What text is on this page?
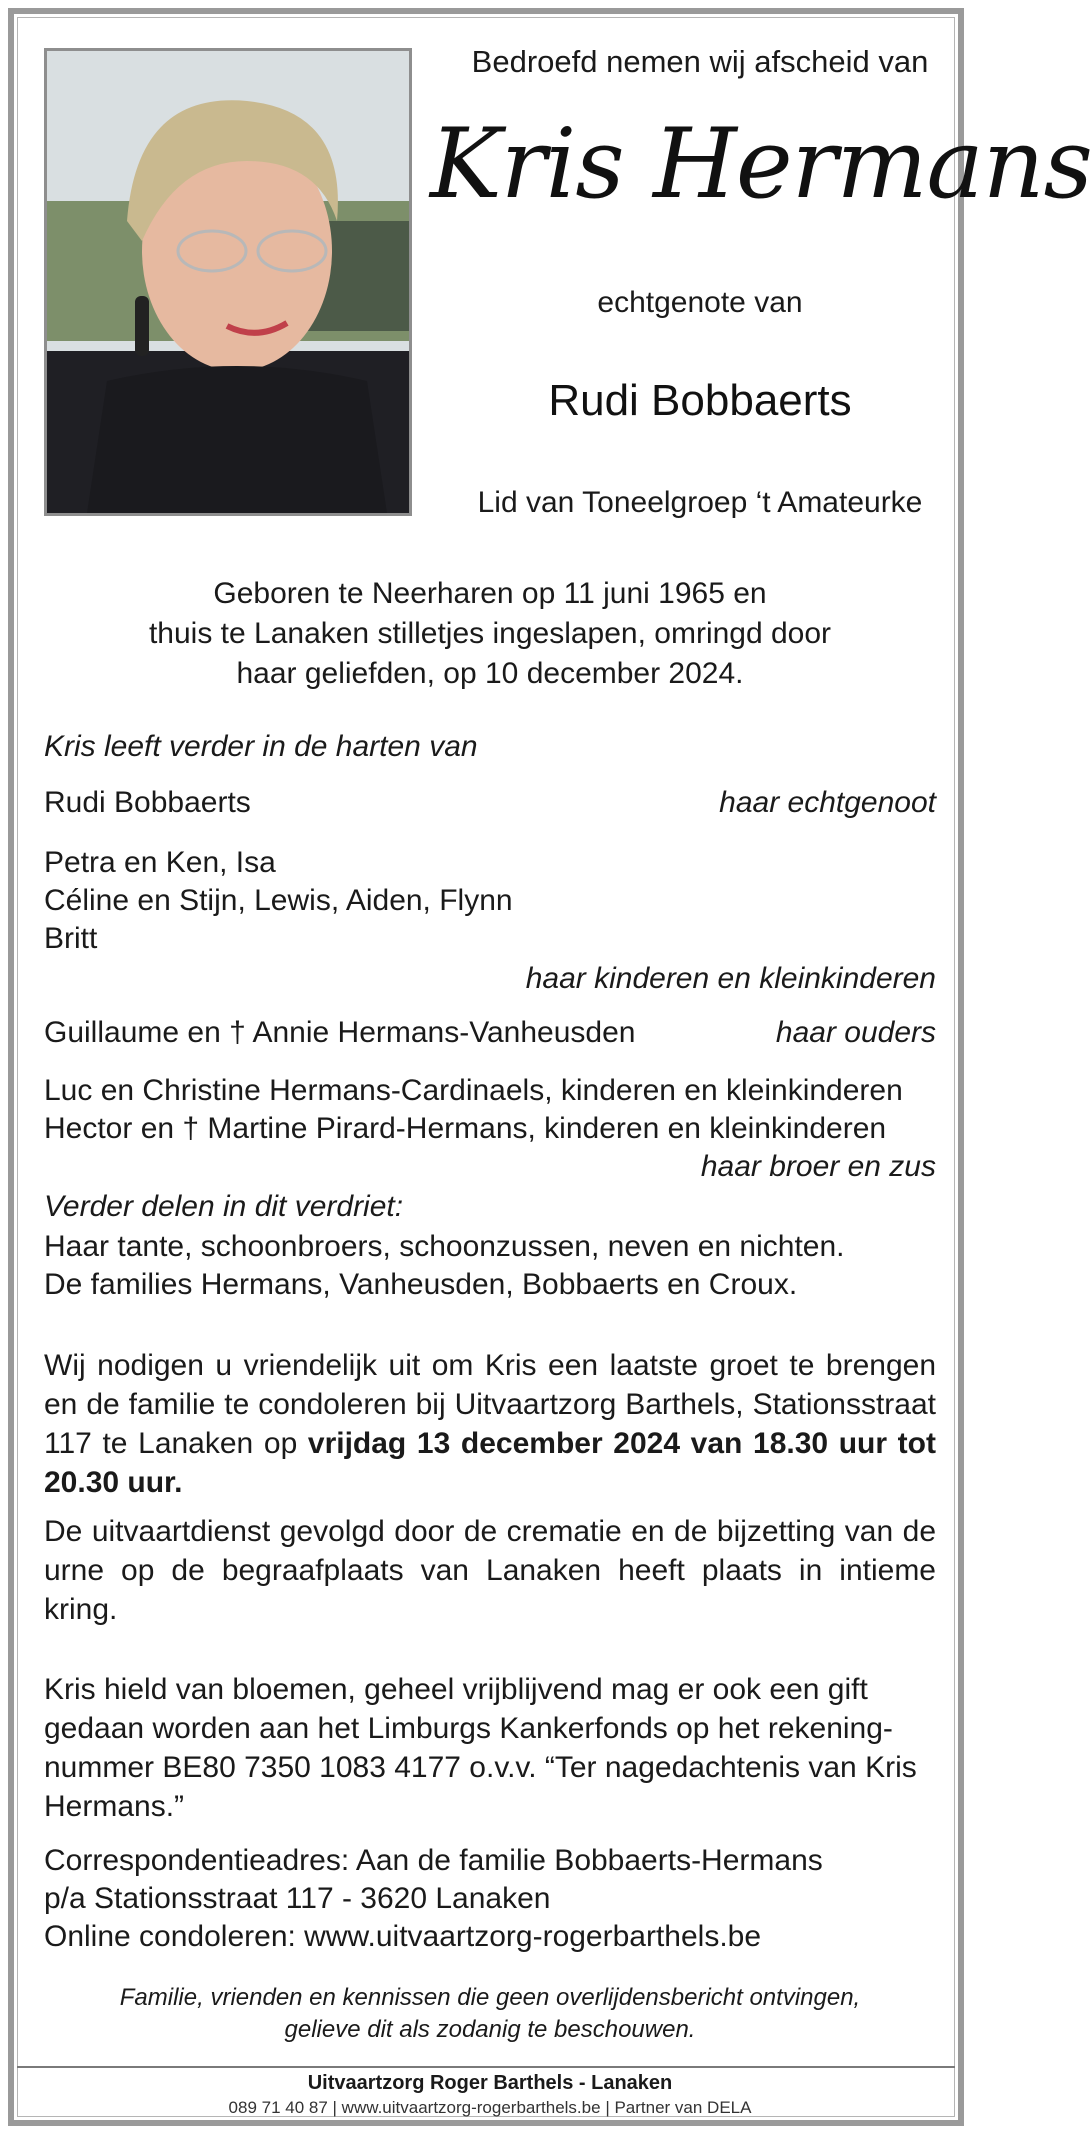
Bedroefd nemen wij afscheid van
Kris Hermans
echtgenote van
Rudi Bobbaerts
Lid van Toneelgroep ‘t Amateurke
Geboren te Neerharen op 11 juni 1965 en
thuis te Lanaken stilletjes ingeslapen, omringd door
haar geliefden, op 10 december 2024.
Kris leeft verder in de harten van
Rudi Bobbaerts	haar echtgenoot
Petra en Ken, Isa
Céline en Stijn, Lewis, Aiden, Flynn
Britt
haar kinderen en kleinkinderen
Guillaume en † Annie Hermans-Vanheusden	haar ouders
Luc en Christine Hermans-Cardinaels, kinderen en kleinkinderen
Hector en † Martine Pirard-Hermans, kinderen en kleinkinderen
haar broer en zus
Verder delen in dit verdriet:
Haar tante, schoonbroers, schoonzussen, neven en nichten.
De families Hermans, Vanheusden, Bobbaerts en Croux.
Wij nodigen u vriendelijk uit om Kris een laatste groet te brengen en de familie te condoleren bij Uitvaartzorg Barthels, Stationsstraat 117 te Lanaken op vrijdag 13 december 2024 van 18.30 uur tot 20.30 uur.
De uitvaartdienst gevolgd door de crematie en de bijzetting van de urne op de begraafplaats van Lanaken heeft plaats in intieme kring.
Kris hield van bloemen, geheel vrijblijvend mag er ook een gift gedaan worden aan het Limburgs Kankerfonds op het rekening-nummer BE80 7350 1083 4177 o.v.v. “Ter nagedachtenis van Kris Hermans.”
Correspondentieadres: Aan de familie Bobbaerts-Hermans
p/a Stationsstraat 117 - 3620 Lanaken
Online condoleren: www.uitvaartzorg-rogerbarthels.be
Familie, vrienden en kennissen die geen overlijdensbericht ontvingen,
gelieve dit als zodanig te beschouwen.
Uitvaartzorg Roger Barthels - Lanaken
089 71 40 87 | www.uitvaartzorg-rogerbarthels.be | Partner van DELA
